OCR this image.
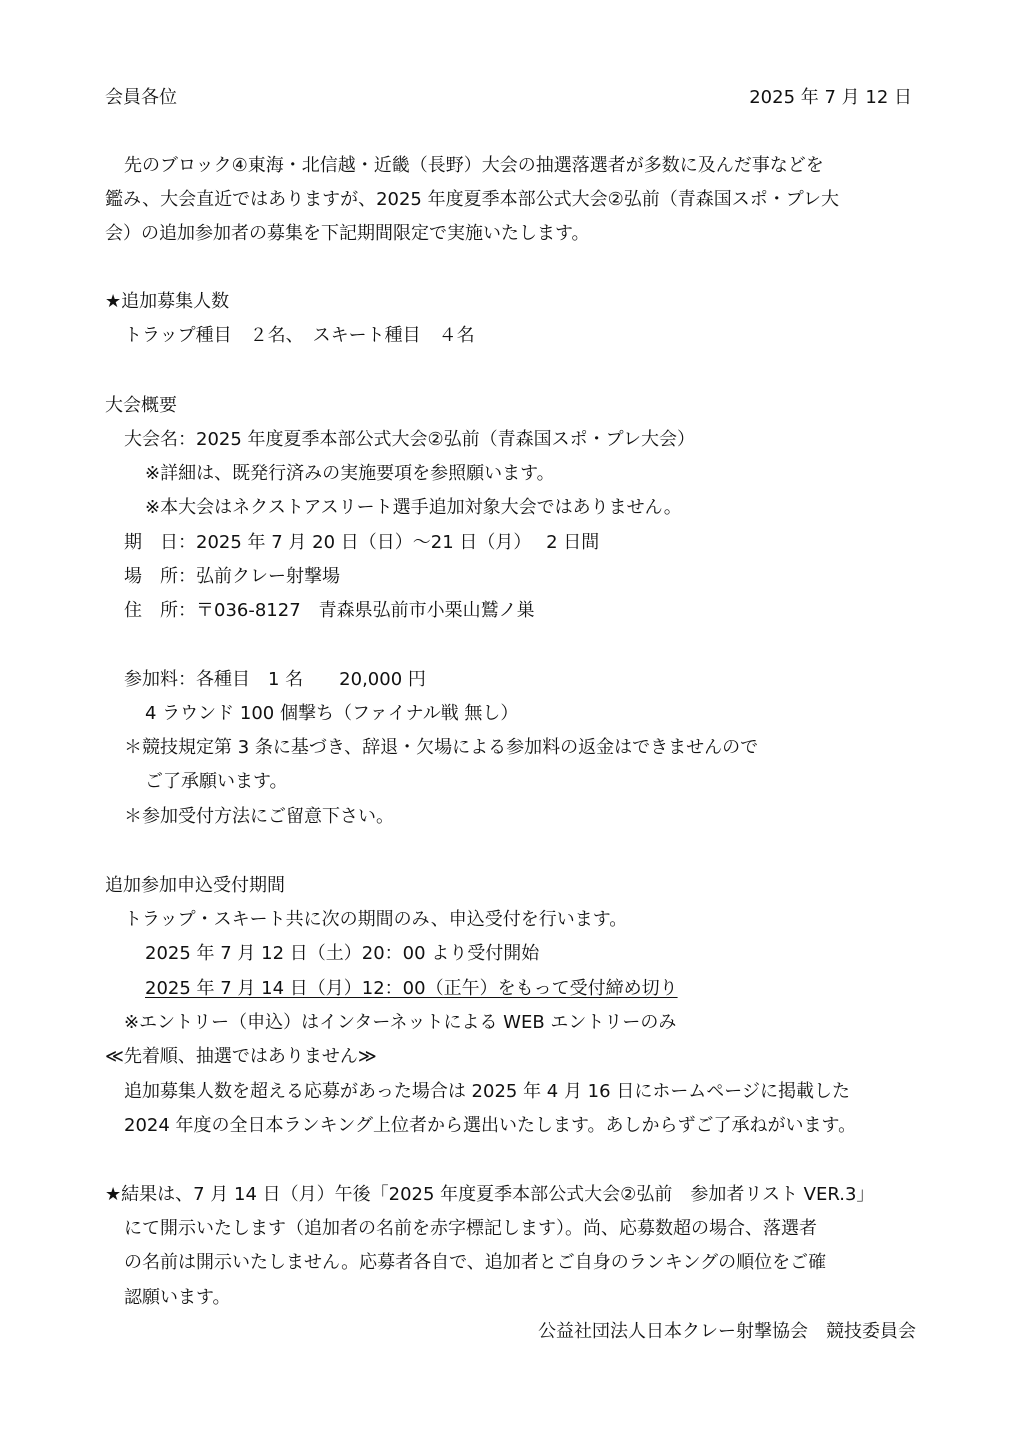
会員各位	2025 年 7 月 12 日
先のブロック④東海・北信越・近畿（長野）大会の抽選落選者が多数に及んだ事などを
鑑み、大会直近ではありますが、2025 年度夏季本部公式大会②弘前（青森国スポ・プレ大
会）の追加参加者の募集を下記期間限定で実施いたします。
★追加募集人数
トラップ種目　２名、　スキート種目　４名
大会概要
大会名：2025 年度夏季本部公式大会②弘前（青森国スポ・プレ大会）
※詳細は、既発行済みの実施要項を参照願います。
※本大会はネクストアスリート選手追加対象大会ではありません。
期　日：2025 年 7 月 20 日（日）～21 日（月）　 2 日間
場　所：弘前クレー射撃場
住　所：〒036-8127　青森県弘前市小栗山鷲ノ巣
参加料：各種目　1 名　　20,000 円
4 ラウンド 100 個撃ち（ファイナル戦 無し）
＊競技規定第 3 条に基づき、辞退・欠場による参加料の返金はできませんので
ご了承願います。
＊参加受付方法にご留意下さい。
追加参加申込受付期間
トラップ・スキート共に次の期間のみ、申込受付を行います。
2025 年 7 月 12 日（土）20：00 より受付開始
2025 年 7 月 14 日（月）12：00（正午）をもって受付締め切り
※エントリー（申込）はインターネットによる WEB エントリーのみ
≪先着順、抽選ではありません≫
追加募集人数を超える応募があった場合は 2025 年 4 月 16 日にホームページに掲載した
2024 年度の全日本ランキング上位者から選出いたします。あしからずご了承ねがいます。
★結果は、7 月 14 日（月）午後「2025 年度夏季本部公式大会②弘前　参加者リスト VER.3」
にて開示いたします（追加者の名前を赤字標記します）。尚、応募数超の場合、落選者
の名前は開示いたしません。応募者各自で、追加者とご自身のランキングの順位をご確
認願います。
公益社団法人日本クレー射撃協会　競技委員会
